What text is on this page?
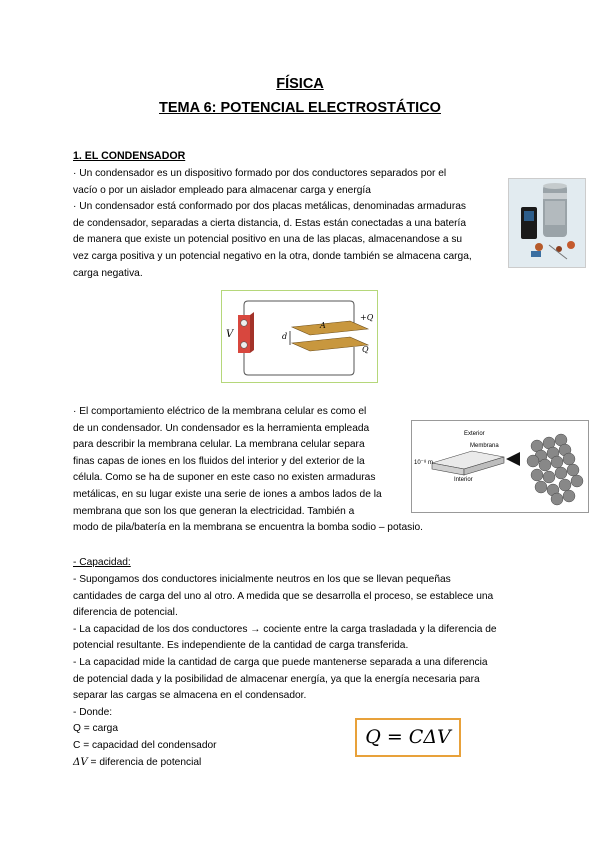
FÍSICA
TEMA 6: POTENCIAL ELECTROSTÁTICO
1. EL CONDENSADOR
· Un condensador es un dispositivo formado por dos conductores separados por el
vacío o por un aislador empleado para almacenar carga y energía
· Un condensador está conformado por dos placas metálicas, denominadas armaduras
de condensador, separadas a cierta distancia, d. Estas están conectadas a una batería
de manera que existe un potencial positivo en una de las placas, almacenandose a su
vez carga positiva y un potencial negativo en la otra, donde también se almacena carga,
carga negativa.
V	d
A
+Q
Q
· El comportamiento eléctrico de la membrana celular es como el
de un condensador. Un condensador es la herramienta empleada
para describir la membrana celular. La membrana celular separa
finas capas de iones en los fluidos del interior y del exterior de la
célula. Como se ha de suponer en este caso no existen armaduras
metálicas, en su lugar existe una serie de iones a ambos lados de la
membrana que son los que generan la electricidad. También a
modo de pila/batería en la membrana se encuentra la bomba sodio – potasio.
Exterior
Membrana
10⁻⁸ m
Interior
- Capacidad:
- Supongamos dos conductores inicialmente neutros en los que se llevan pequeñas
cantidades de carga del uno al otro. A medida que se desarrolla el proceso, se establece una
diferencia de potencial.
- La capacidad de los dos conductores → cociente entre la carga trasladada y la diferencia de
potencial resultante. Es independiente de la cantidad de carga transferida.
- La capacidad mide la cantidad de carga que puede mantenerse separada a una diferencia
de potencial dada y la posibilidad de almacenar energía, ya que la energía necesaria para
separar las cargas se almacena en el condensador.
- Donde:
Q = carga
C = capacidad del condensador
ΔV = diferencia de potencial
Q = CΔV
